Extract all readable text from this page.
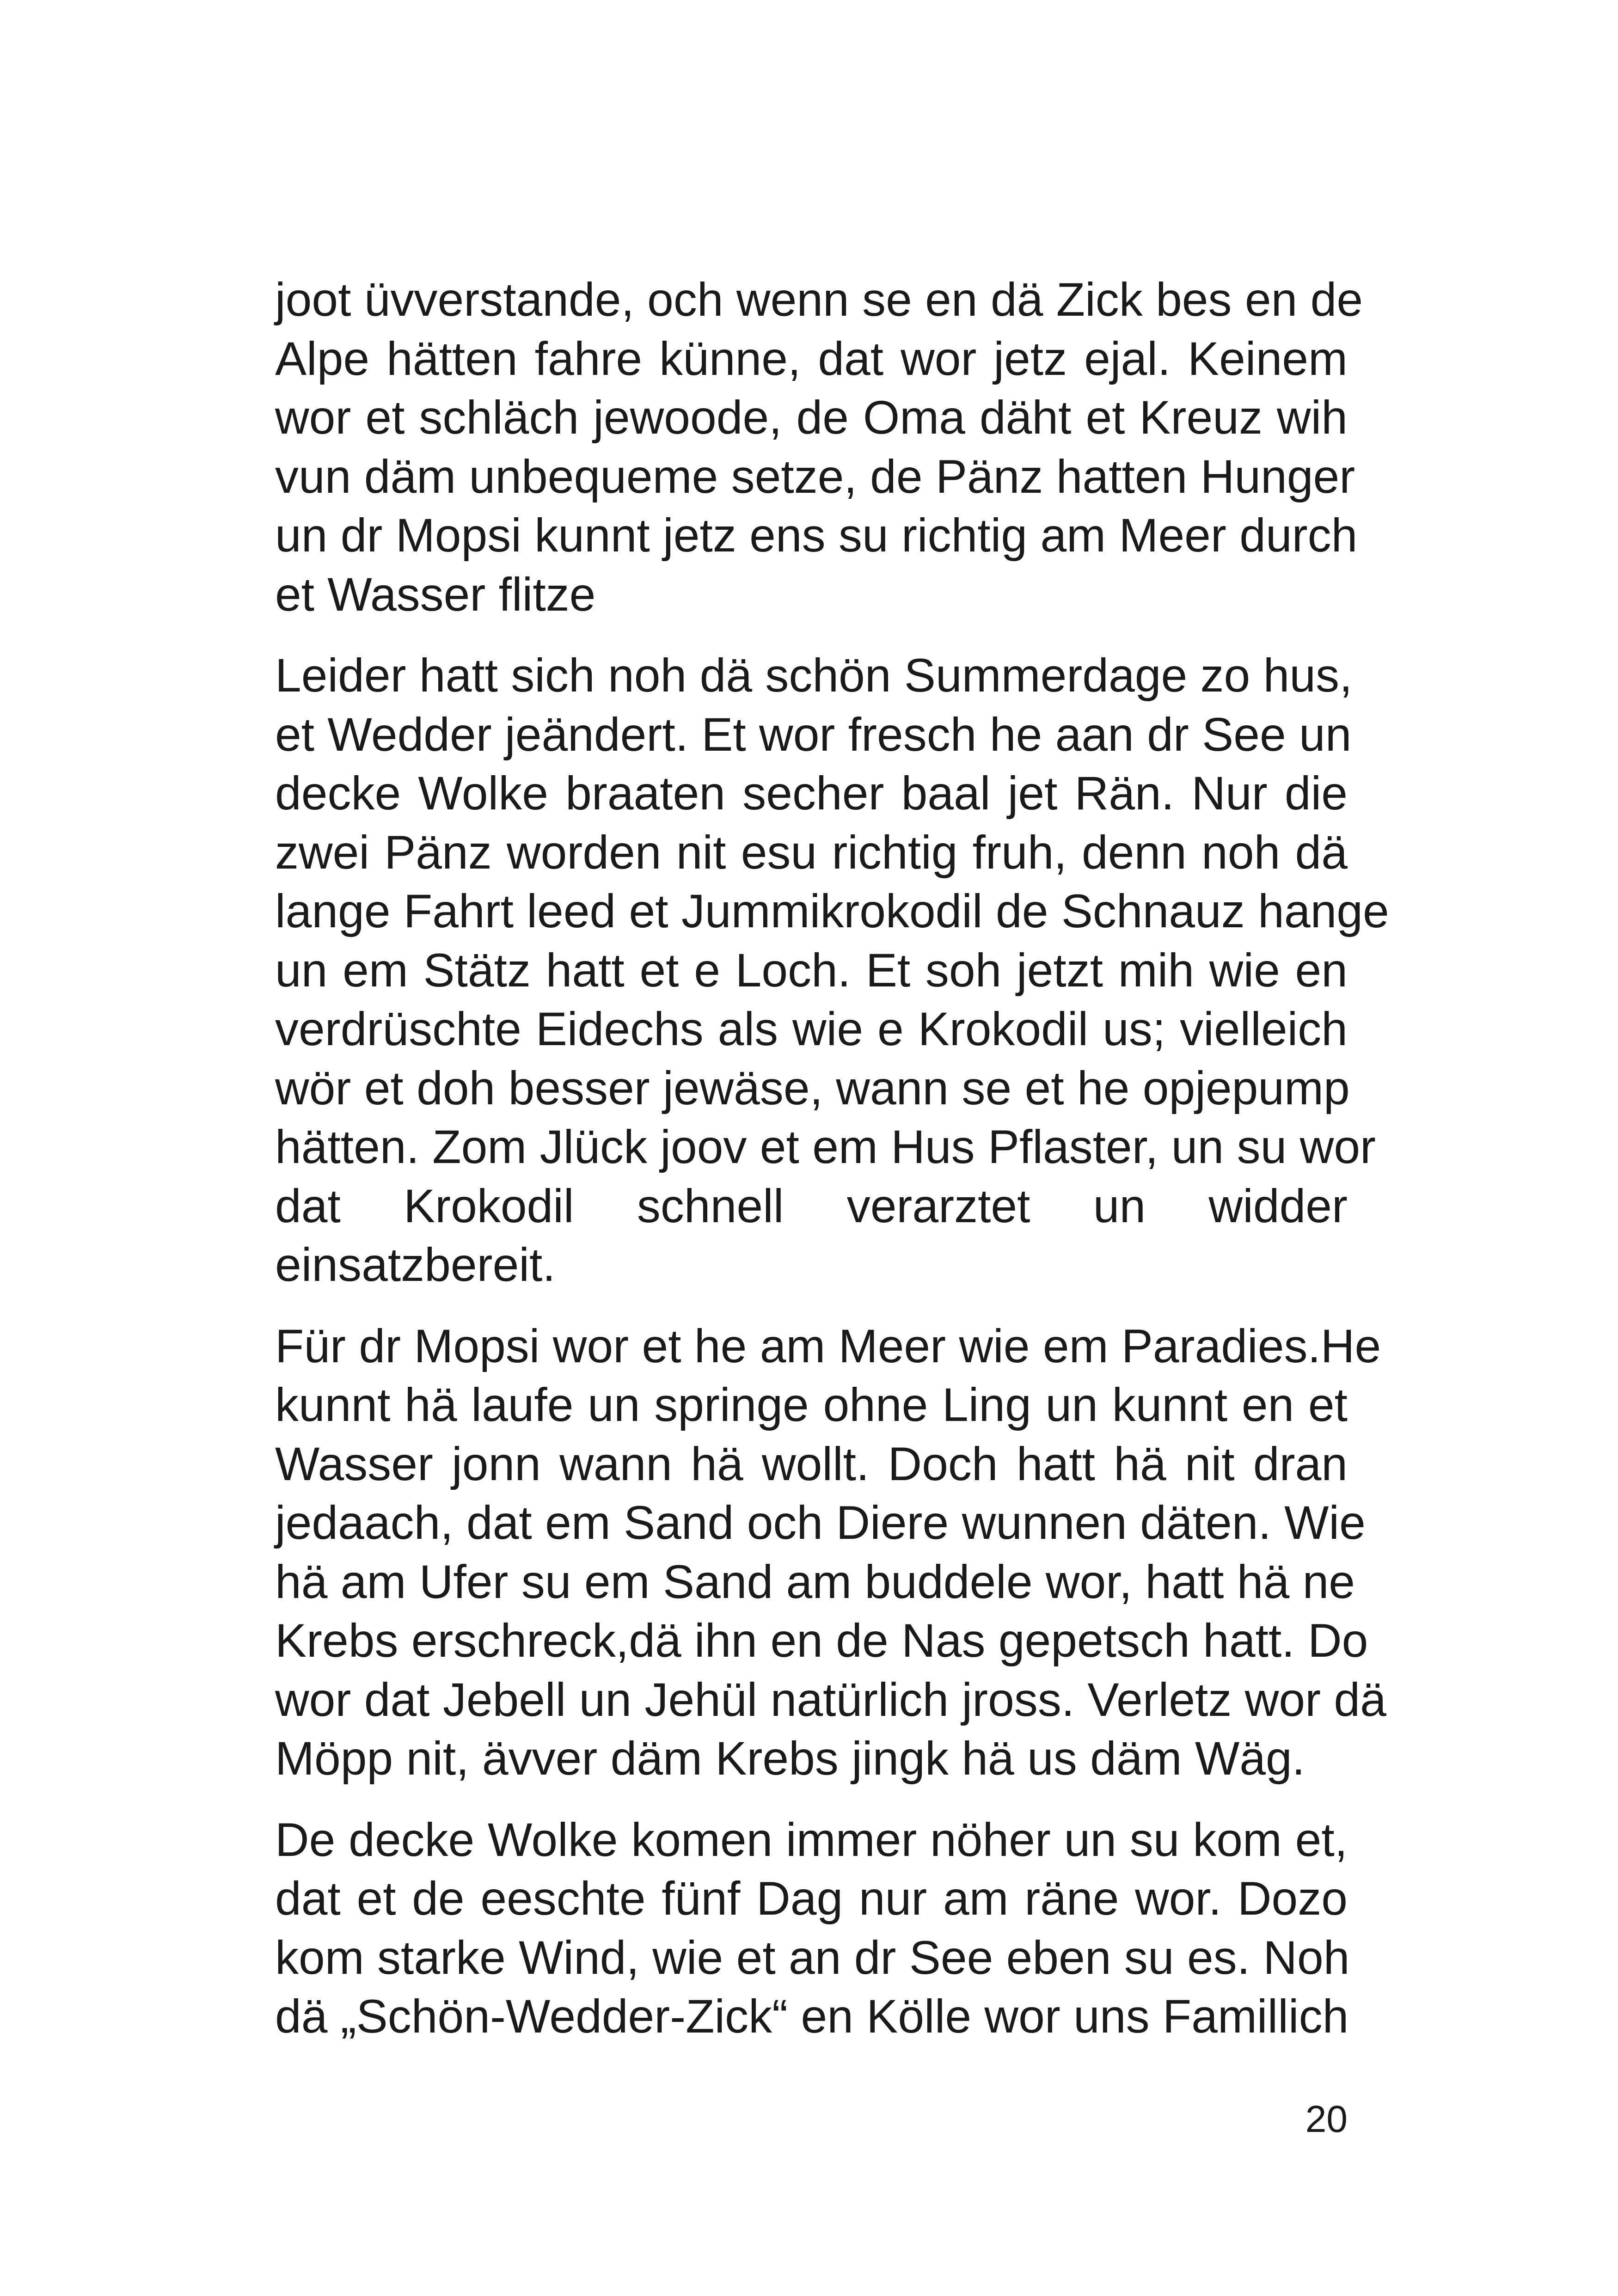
joot üvverstande, och wenn se en dä Zick bes en de
Alpe hätten fahre künne, dat wor jetz ejal. Keinem
wor et schläch jewoode, de Oma däht et Kreuz wih
vun däm unbequeme setze, de Pänz hatten Hunger
un dr Mopsi kunnt jetz ens su richtig am Meer durch
et Wasser flitze

Leider hatt sich noh dä schön Summerdage zo hus,
et Wedder jeändert. Et wor fresch he aan dr See un
decke Wolke braaten secher baal jet Rän. Nur die
zwei Pänz worden nit esu richtig fruh, denn noh dä
lange Fahrt leed et Jummikrokodil de Schnauz hange
un em Stätz hatt et e Loch. Et soh jetzt mih wie en
verdrüschte Eidechs als wie e Krokodil us; vielleich
wör et doh besser jewäse, wann se et he opjepump
hätten. Zom Jlück joov et em Hus Pflaster, un su wor
dat Krokodil schnell verarztet un widder
einsatzbereit.

Für dr Mopsi wor et he am Meer wie em Paradies.He
kunnt hä laufe un springe ohne Ling un kunnt en et
Wasser jonn wann hä wollt. Doch hatt hä nit dran
jedaach, dat em Sand och Diere wunnen däten. Wie
hä am Ufer su em Sand am buddele wor, hatt hä ne
Krebs erschreck,dä ihn en de Nas gepetsch hatt. Do
wor dat Jebell un Jehül natürlich jross. Verletz wor dä
Möpp nit, ävver däm Krebs jingk hä us däm Wäg.

De decke Wolke komen immer nöher un su kom et,
dat et de eeschte fünf Dag nur am räne wor. Dozo
kom starke Wind, wie et an dr See eben su es. Noh
dä „Schön-Wedder-Zick“ en Kölle wor uns Famillich

20
